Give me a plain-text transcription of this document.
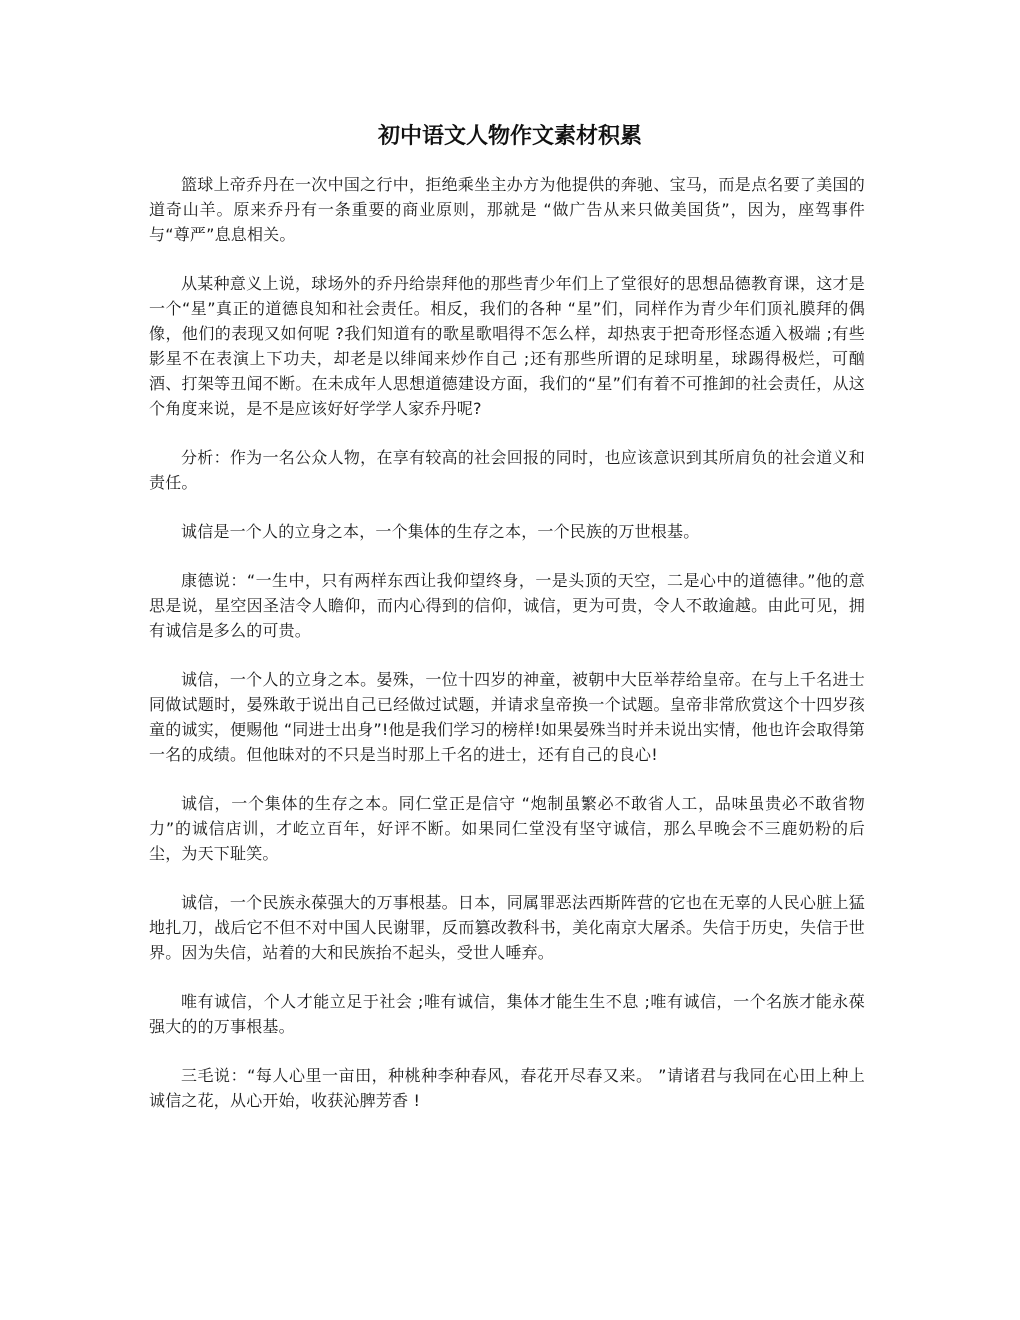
初中语文人物作文素材积累

篮球上帝乔丹在一次中国之行中，拒绝乘坐主办方为他提供的奔驰、宝马，而是点名要了美国的道奇山羊。原来乔丹有一条重要的商业原则，那就是 “做广告从来只做美国货”，因为，座驾事件与“尊严”息息相关。

从某种意义上说，球场外的乔丹给崇拜他的那些青少年们上了堂很好的思想品德教育课，这才是一个“星”真正的道德良知和社会责任。相反，我们的各种 “星”们，同样作为青少年们顶礼膜拜的偶像，他们的表现又如何呢 ?我们知道有的歌星歌唱得不怎么样，却热衷于把奇形怪态遁入极端 ;有些影星不在表演上下功夫，却老是以绯闻来炒作自己 ;还有那些所谓的足球明星，球踢得极烂，可酗酒、打架等丑闻不断。在未成年人思想道德建设方面，我们的“星”们有着不可推卸的社会责任，从这个角度来说，是不是应该好好学学人家乔丹呢?

分析：作为一名公众人物，在享有较高的社会回报的同时，也应该意识到其所肩负的社会道义和责任。

诚信是一个人的立身之本，一个集体的生存之本，一个民族的万世根基。

康德说：“一生中，只有两样东西让我仰望终身，一是头顶的天空，二是心中的道德律。”他的意思是说，星空因圣洁令人瞻仰，而内心得到的信仰，诚信，更为可贵，令人不敢逾越。由此可见，拥有诚信是多么的可贵。

诚信，一个人的立身之本。晏殊，一位十四岁的神童，被朝中大臣举荐给皇帝。在与上千名进士同做试题时，晏殊敢于说出自己已经做过试题，并请求皇帝换一个试题。皇帝非常欣赏这个十四岁孩童的诚实，便赐他 “同进士出身”!他是我们学习的榜样!如果晏殊当时并未说出实情，他也许会取得第一名的成绩。但他昧对的不只是当时那上千名的进士，还有自己的良心!

诚信，一个集体的生存之本。同仁堂正是信守 “炮制虽繁必不敢省人工，品味虽贵必不敢省物力”的诚信店训，才屹立百年，好评不断。如果同仁堂没有坚守诚信，那么早晚会不三鹿奶粉的后尘，为天下耻笑。

诚信，一个民族永葆强大的万事根基。日本，同属罪恶法西斯阵营的它也在无辜的人民心脏上猛地扎刀，战后它不但不对中国人民谢罪，反而篡改教科书，美化南京大屠杀。失信于历史，失信于世界。因为失信，站着的大和民族抬不起头，受世人唾弃。

唯有诚信，个人才能立足于社会 ;唯有诚信，集体才能生生不息 ;唯有诚信，一个名族才能永葆强大的的万事根基。

三毛说：“每人心里一亩田，种桃种李种春风，春花开尽春又来。 ”请诸君与我同在心田上种上诚信之花，从心开始，收获沁脾芳香 !
